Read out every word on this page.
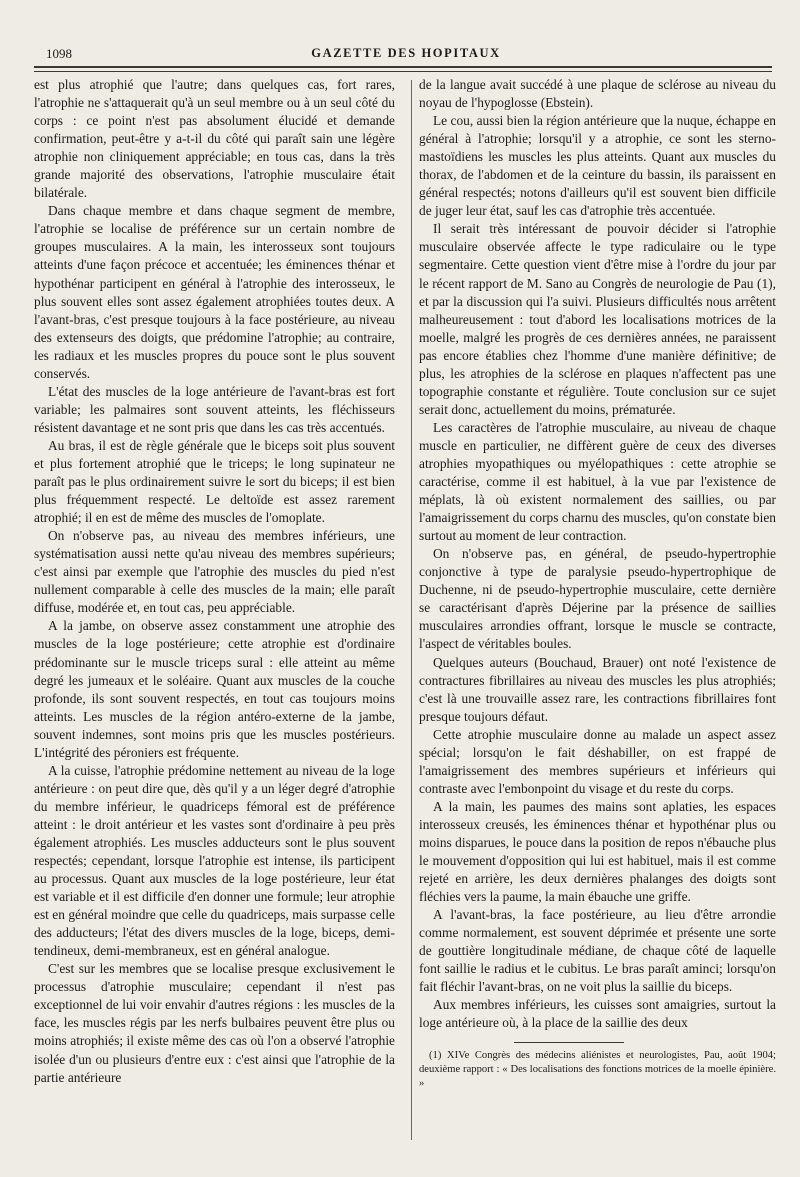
1098	GAZETTE DES HOPITAUX

est plus atrophié que l'autre; dans quelques cas, fort rares, l'atrophie ne s'attaquerait qu'à un seul membre ou à un seul côté du corps : ce point n'est pas absolument élucidé et demande confirmation, peut-être y a-t-il du côté qui paraît sain une légère atrophie non cliniquement appréciable; en tous cas, dans la très grande majorité des observations, l'atrophie musculaire était bilatérale.

Dans chaque membre et dans chaque segment de membre, l'atrophie se localise de préférence sur un certain nombre de groupes musculaires. A la main, les interosseux sont toujours atteints d'une façon précoce et accentuée; les éminences thénar et hypothénar participent en général à l'atrophie des interosseux, le plus souvent elles sont assez également atrophiées toutes deux. A l'avant-bras, c'est presque toujours à la face postérieure, au niveau des extenseurs des doigts, que prédomine l'atrophie; au contraire, les radiaux et les muscles propres du pouce sont le plus souvent conservés.

L'état des muscles de la loge antérieure de l'avant-bras est fort variable; les palmaires sont souvent atteints, les fléchisseurs résistent davantage et ne sont pris que dans les cas très accentués.

Au bras, il est de règle générale que le biceps soit plus souvent et plus fortement atrophié que le triceps; le long supinateur ne paraît pas le plus ordinairement suivre le sort du biceps; il est bien plus fréquemment respecté. Le deltoïde est assez rarement atrophié; il en est de même des muscles de l'omoplate.

On n'observe pas, au niveau des membres inférieurs, une systématisation aussi nette qu'au niveau des membres supérieurs; c'est ainsi par exemple que l'atrophie des muscles du pied n'est nullement comparable à celle des muscles de la main; elle paraît diffuse, modérée et, en tout cas, peu appréciable.

A la jambe, on observe assez constamment une atrophie des muscles de la loge postérieure; cette atrophie est d'ordinaire prédominante sur le muscle triceps sural : elle atteint au même degré les jumeaux et le soléaire. Quant aux muscles de la couche profonde, ils sont souvent respectés, en tout cas toujours moins atteints. Les muscles de la région antéro-externe de la jambe, souvent indemnes, sont moins pris que les muscles postérieurs. L'intégrité des péroniers est fréquente.

A la cuisse, l'atrophie prédomine nettement au niveau de la loge antérieure : on peut dire que, dès qu'il y a un léger degré d'atrophie du membre inférieur, le quadriceps fémoral est de préférence atteint : le droit antérieur et les vastes sont d'ordinaire à peu près également atrophiés. Les muscles adducteurs sont le plus souvent respectés; cependant, lorsque l'atrophie est intense, ils participent au processus. Quant aux muscles de la loge postérieure, leur état est variable et il est difficile d'en donner une formule; leur atrophie est en général moindre que celle du quadriceps, mais surpasse celle des adducteurs; l'état des divers muscles de la loge, biceps, demi-tendineux, demi-membraneux, est en général analogue.

C'est sur les membres que se localise presque exclusivement le processus d'atrophie musculaire; cependant il n'est pas exceptionnel de lui voir envahir d'autres régions : les muscles de la face, les muscles régis par les nerfs bulbaires peuvent être plus ou moins atrophiés; il existe même des cas où l'on a observé l'atrophie isolée d'un ou plusieurs d'entre eux : c'est ainsi que l'atrophie de la partie antérieure

de la langue avait succédé à une plaque de sclérose au niveau du noyau de l'hypoglosse (Ebstein).

Le cou, aussi bien la région antérieure que la nuque, échappe en général à l'atrophie; lorsqu'il y a atrophie, ce sont les sterno-mastoïdiens les muscles les plus atteints. Quant aux muscles du thorax, de l'abdomen et de la ceinture du bassin, ils paraissent en général respectés; notons d'ailleurs qu'il est souvent bien difficile de juger leur état, sauf les cas d'atrophie très accentuée.

Il serait très intéressant de pouvoir décider si l'atrophie musculaire observée affecte le type radiculaire ou le type segmentaire. Cette question vient d'être mise à l'ordre du jour par le récent rapport de M. Sano au Congrès de neurologie de Pau (1), et par la discussion qui l'a suivi. Plusieurs difficultés nous arrêtent malheureusement : tout d'abord les localisations motrices de la moelle, malgré les progrès de ces dernières années, ne paraissent pas encore établies chez l'homme d'une manière définitive; de plus, les atrophies de la sclérose en plaques n'affectent pas une topographie constante et régulière. Toute conclusion sur ce sujet serait donc, actuellement du moins, prématurée.

Les caractères de l'atrophie musculaire, au niveau de chaque muscle en particulier, ne diffèrent guère de ceux des diverses atrophies myopathiques ou myélopathiques : cette atrophie se caractérise, comme il est habituel, à la vue par l'existence de méplats, là où existent normalement des saillies, ou par l'amaigrissement du corps charnu des muscles, qu'on constate bien surtout au moment de leur contraction.

On n'observe pas, en général, de pseudo-hypertrophie conjonctive à type de paralysie pseudo-hypertrophique de Duchenne, ni de pseudo-hypertrophie musculaire, cette dernière se caractérisant d'après Déjerine par la présence de saillies musculaires arrondies offrant, lorsque le muscle se contracte, l'aspect de véritables boules.

Quelques auteurs (Bouchaud, Brauer) ont noté l'existence de contractures fibrillaires au niveau des muscles les plus atrophiés; c'est là une trouvaille assez rare, les contractions fibrillaires font presque toujours défaut.

Cette atrophie musculaire donne au malade un aspect assez spécial; lorsqu'on le fait déshabiller, on est frappé de l'amaigrissement des membres supérieurs et inférieurs qui contraste avec l'embonpoint du visage et du reste du corps.

A la main, les paumes des mains sont aplaties, les espaces interosseux creusés, les éminences thénar et hypothénar plus ou moins disparues, le pouce dans la position de repos n'ébauche plus le mouvement d'opposition qui lui est habituel, mais il est comme rejeté en arrière, les deux dernières phalanges des doigts sont fléchies vers la paume, la main ébauche une griffe.

A l'avant-bras, la face postérieure, au lieu d'être arrondie comme normalement, est souvent déprimée et présente une sorte de gouttière longitudinale médiane, de chaque côté de laquelle font saillie le radius et le cubitus. Le bras paraît aminci; lorsqu'on fait fléchir l'avant-bras, on ne voit plus la saillie du biceps.

Aux membres inférieurs, les cuisses sont amaigries, surtout la loge antérieure où, à la place de la saillie des deux

(1) XIVe Congrès des médecins aliénistes et neurologistes, Pau, août 1904; deuxième rapport : « Des localisations des fonctions motrices de la moelle épinière. »
